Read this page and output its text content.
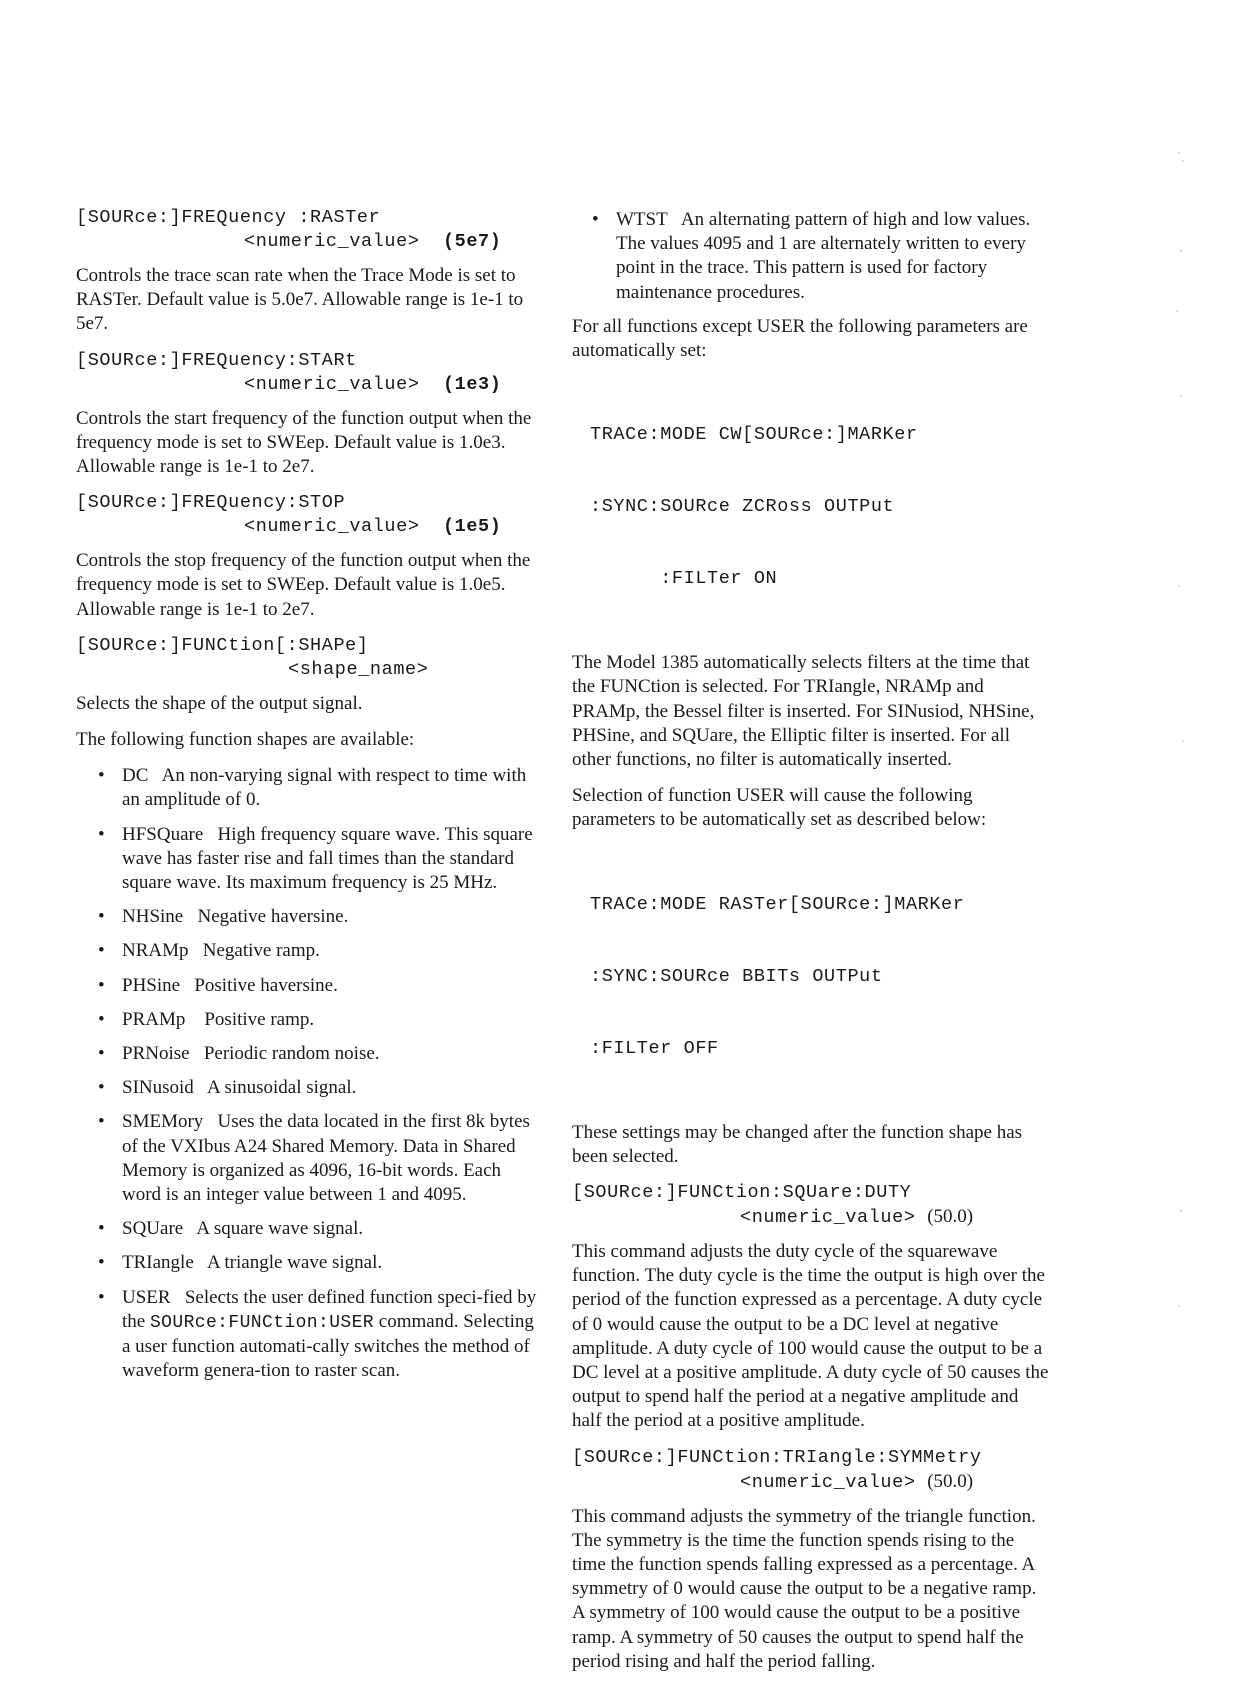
[SOURce:]FREQuency :RASTer

<numeric_value> (5e7)

Controls the trace scan rate when the Trace Mode is set to RASTer. Default value is 5.0e7. Allowable range is 1e-1 to 5e7.

[SOURce:]FREQuency:STARt

<numeric_value> (1e3)

Controls the start frequency of the function output when the frequency mode is set to SWEep. Default value is 1.0e3. Allowable range is 1e-1 to 2e7.

[SOURce:]FREQuency:STOP

<numeric_value> (1e5)

Controls the stop frequency of the function output when the frequency mode is set to SWEep. Default value is 1.0e5. Allowable range is 1e-1 to 2e7.

[SOURce:]FUNCtion[:SHAPe]

<shape_name>

Selects the shape of the output signal.

The following function shapes are available:

• DC An non-varying signal with respect to time with an amplitude of 0.
• HFSQuare High frequency square wave. This square wave has faster rise and fall times than the standard square wave. Its maximum frequency is 25 MHz.
• NHSine Negative haversine.
• NRAMp Negative ramp.
• PHSine Positive haversine.
• PRAMp Positive ramp.
• PRNoise Periodic random noise.
• SINusoid A sinusoidal signal.
• SMEMory Uses the data located in the first 8k bytes of the VXIbus A24 Shared Memory. Data in Shared Memory is organized as 4096, 16-bit words. Each word is an integer value between 1 and 4095.
• SQUare A square wave signal.
• TRIangle A triangle wave signal.
• USER Selects the user defined function speci-fied by the SOURce:FUNCtion:USER command. Selecting a user function automati-cally switches the method of waveform genera-tion to raster scan.
• WTST An alternating pattern of high and low values. The values 4095 and 1 are alternately written to every point in the trace. This pattern is used for factory maintenance procedures.

For all functions except USER the following parameters are automatically set:

TRACe:MODE CW[SOURce:]MARKer

:SYNC:SOURce ZCRoss OUTPut

:FILTer ON

The Model 1385 automatically selects filters at the time that the FUNCtion is selected. For TRIangle, NRAMp and PRAMp, the Bessel filter is inserted. For SINusiod, NHSine, PHSine, and SQUare, the Elliptic filter is inserted. For all other functions, no filter is automatically inserted.

Selection of function USER will cause the following parameters to be automatically set as described below:

TRACe:MODE RASTer[SOURce:]MARKer

:SYNC:SOURce BBITs OUTPut

:FILTer OFF

These settings may be changed after the function shape has been selected.

[SOURce:]FUNCtion:SQUare:DUTY

<numeric_value> (50.0)

This command adjusts the duty cycle of the squarewave function. The duty cycle is the time the output is high over the period of the function expressed as a percentage. A duty cycle of 0 would cause the output to be a DC level at negative amplitude. A duty cycle of 100 would cause the output to be a DC level at a positive amplitude. A duty cycle of 50 causes the output to spend half the period at a negative amplitude and half the period at a positive amplitude.

[SOURce:]FUNCtion:TRIangle:SYMMetry

<numeric_value> (50.0)

This command adjusts the symmetry of the triangle function. The symmetry is the time the function spends rising to the time the function spends falling expressed as a percentage. A symmetry of 0 would cause the output to be a negative ramp. A symmetry of 100 would cause the output to be a positive ramp. A symmetry of 50 causes the output to spend half the period rising and half the period falling.
